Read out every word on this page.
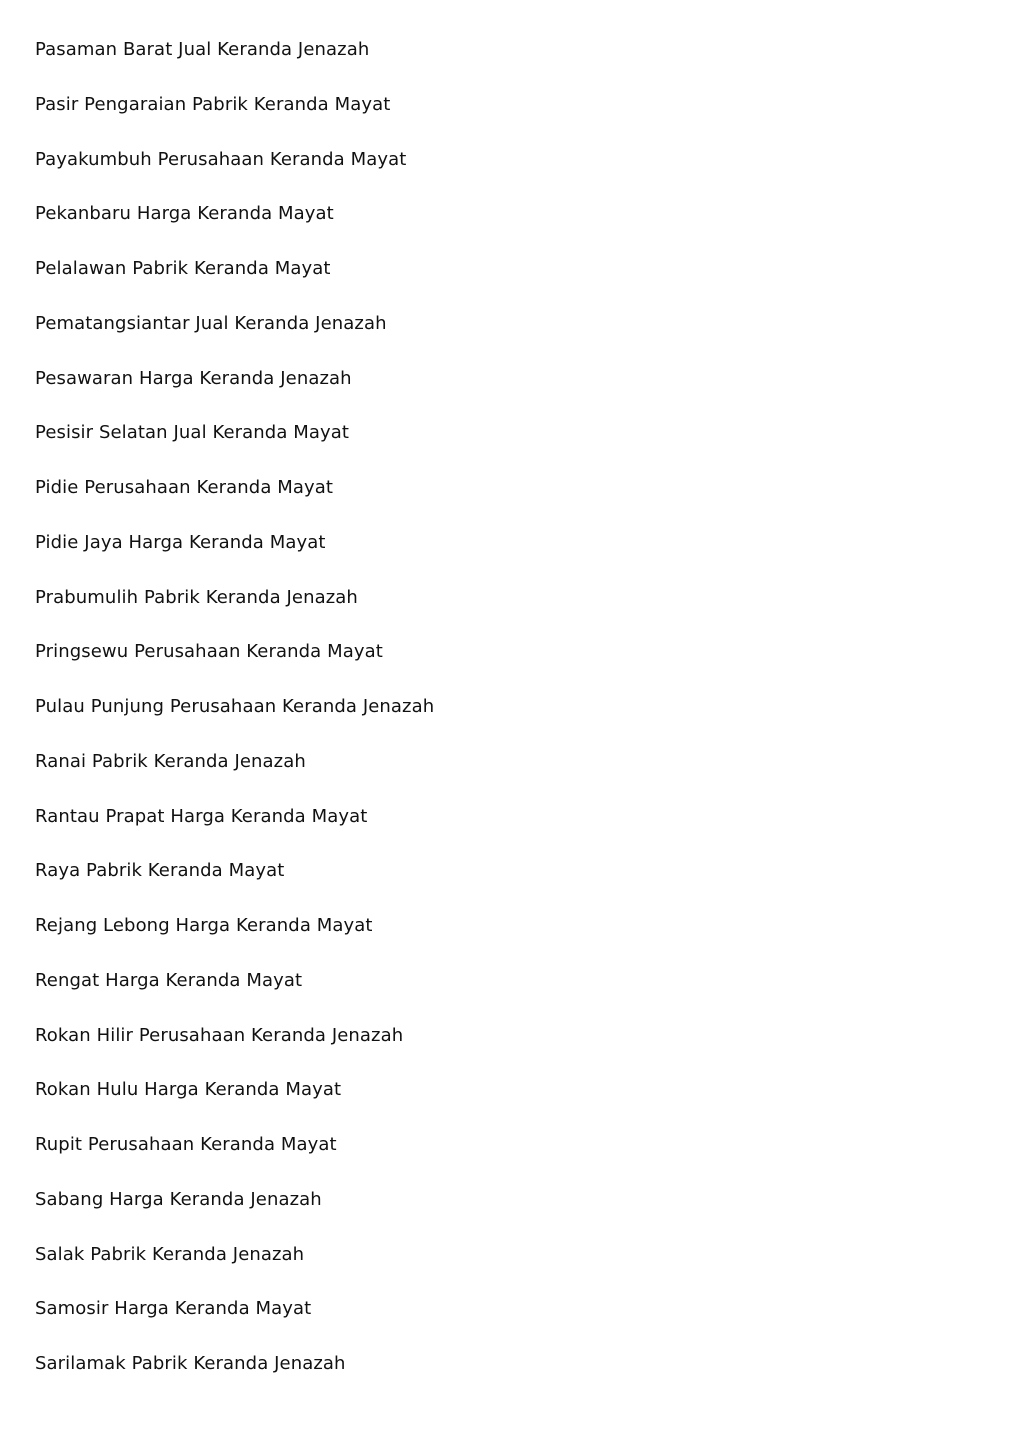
Pasaman Barat Jual Keranda Jenazah
Pasir Pengaraian Pabrik Keranda Mayat
Payakumbuh Perusahaan Keranda Mayat
Pekanbaru Harga Keranda Mayat
Pelalawan Pabrik Keranda Mayat
Pematangsiantar Jual Keranda Jenazah
Pesawaran Harga Keranda Jenazah
Pesisir Selatan Jual Keranda Mayat
Pidie Perusahaan Keranda Mayat
Pidie Jaya Harga Keranda Mayat
Prabumulih Pabrik Keranda Jenazah
Pringsewu Perusahaan Keranda Mayat
Pulau Punjung Perusahaan Keranda Jenazah
Ranai Pabrik Keranda Jenazah
Rantau Prapat Harga Keranda Mayat
Raya Pabrik Keranda Mayat
Rejang Lebong Harga Keranda Mayat
Rengat Harga Keranda Mayat
Rokan Hilir Perusahaan Keranda Jenazah
Rokan Hulu Harga Keranda Mayat
Rupit Perusahaan Keranda Mayat
Sabang Harga Keranda Jenazah
Salak Pabrik Keranda Jenazah
Samosir Harga Keranda Mayat
Sarilamak Pabrik Keranda Jenazah
